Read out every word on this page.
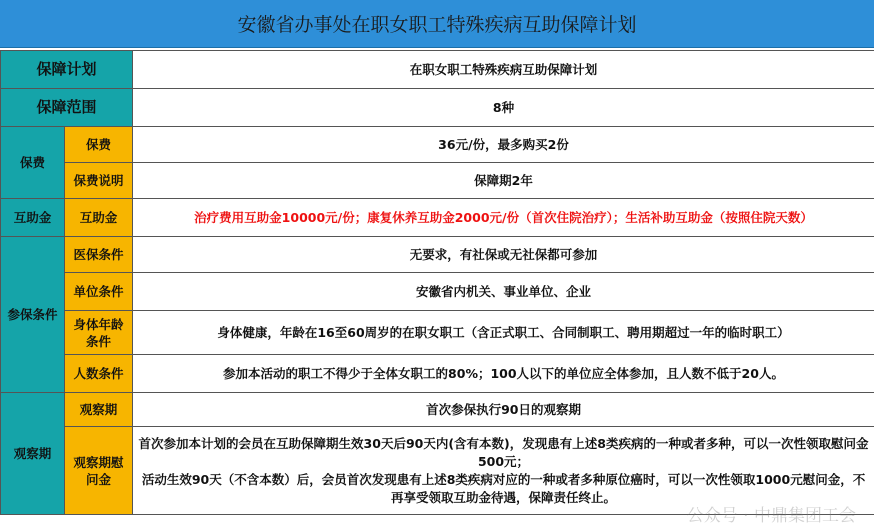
安徽省办事处在职女职工特殊疾病互助保障计划
保障计划		在职女职工特殊疾病互助保障计划
保障范围		8种
保费	保费	36元/份，最多购买2份
	保费说明	保障期2年
互助金	互助金	治疗费用互助金10000元/份；康复休养互助金2000元/份（首次住院治疗）；生活补助互助金（按照住院天数）
参保条件	医保条件	无要求，有社保或无社保都可参加
	单位条件	安徽省内机关、事业单位、企业
	身体年龄条件	身体健康，年龄在16至60周岁的在职女职工（含正式职工、合同制职工、聘用期超过一年的临时职工）
	人数条件	参加本活动的职工不得少于全体女职工的80%；100人以下的单位应全体参加，且人数不低于20人。
观察期	观察期	首次参保执行90日的观察期
	观察期慰问金	首次参加本计划的会员在互助保障期生效30天后90天内(含有本数)，发现患有上述8类疾病的一种或者多种，可以一次性领取慰问金500元；
活动生效90天（不含本数）后，会员首次发现患有上述8类疾病对应的一种或者多种原位癌时，可以一次性领取1000元慰问金，不再享受领取互助金待遇，保障责任终止。
公众号 · 中鼎集团工会
